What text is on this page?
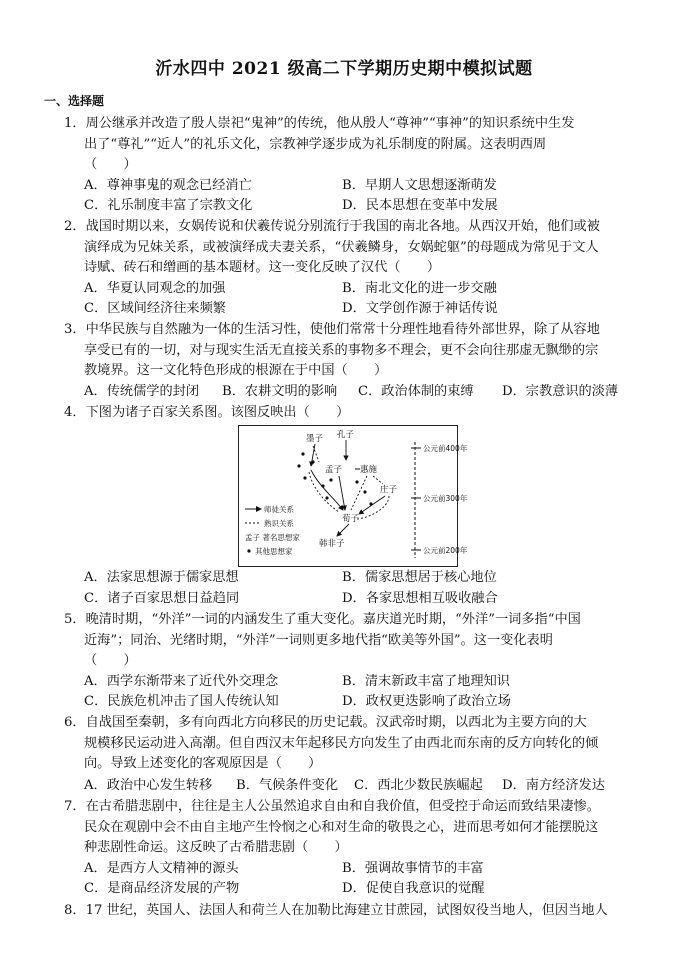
沂水四中 2021 级高二下学期历史期中模拟试题
一、选择题
1．周公继承并改造了殷人崇祀“鬼神”的传统，他从殷人“尊神”“事神”的知识系统中生发
出了“尊礼”“近人”的礼乐文化，宗教神学逐步成为礼乐制度的附属。这表明西周
（　　）
A．尊神事鬼的观念已经消亡	B．早期人文思想逐渐萌发
C．礼乐制度丰富了宗教文化	D．民本思想在变革中发展
2．战国时期以来，女娲传说和伏羲传说分别流行于我国的南北各地。从西汉开始，他们或被
演绎成为兄妹关系，或被演绎成夫妻关系，“伏羲鳞身，女娲蛇躯”的母题成为常见于文人
诗赋、砖石和缯画的基本题材。这一变化反映了汉代（　　）
A．华夏认同观念的加强	B．南北文化的进一步交融
C．区域间经济往来频繁	D．文学创作源于神话传说
3．中华民族与自然融为一体的生活习性，使他们常常十分理性地看待外部世界，除了从容地
享受已有的一切，对与现实生活无直接关系的事物多不理会，更不会向往那虚无飘缈的宗
教境界。这一文化特色形成的根源在于中国（　　）
A．传统儒学的封闭 B．农耕文明的影响 C．政治体制的束缚 D．宗教意识的淡薄
4．下图为诸子百家关系图。该图反映出（　　）
墨子 孔子
孟子 惠施
庄子
荀子
韩非子
公元前400年
公元前300年
公元前200年
师徒关系
熟识关系
孟子 著名思想家
其他思想家
A．法家思想源于儒家思想	B．儒家思想居于核心地位
C．诸子百家思想日益趋同	D．各家思想相互吸收融合
5．晚清时期，“外洋”一词的内涵发生了重大变化。嘉庆道光时期，“外洋”一词多指“中国
近海”；同治、光绪时期，“外洋”一词则更多地代指“欧美等外国”。这一变化表明
（　　）
A．西学东渐带来了近代外交理念	B．清末新政丰富了地理知识
C．民族危机冲击了国人传统认知	D．政权更迭影响了政治立场
6．自战国至秦朝，多有向西北方向移民的历史记载。汉武帝时期，以西北为主要方向的大
规模移民运动进入高潮。但自西汉末年起移民方向发生了由西北而东南的反方向转化的倾
向。导致上述变化的客观原因是（　　）
A．政治中心发生转移 B．气候条件变化 C．西北少数民族崛起 D．南方经济发达
7．在古希腊悲剧中，往往是主人公虽然追求自由和自我价值，但受控于命运而致结果凄惨。
民众在观剧中会不由自主地产生怜悯之心和对生命的敬畏之心，进而思考如何才能摆脱这
种悲剧性命运。这反映了古希腊悲剧（　　）
A．是西方人文精神的源头	B．强调故事情节的丰富
C．是商品经济发展的产物	D．促使自我意识的觉醒
8．17 世纪，英国人、法国人和荷兰人在加勒比海建立甘蔗园，试图奴役当地人，但因当地人
